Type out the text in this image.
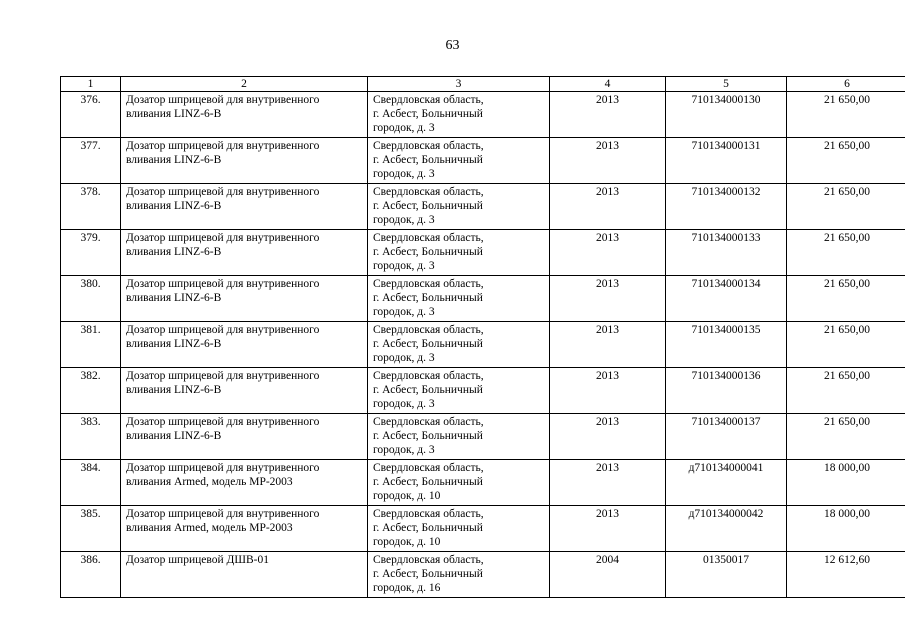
63
1	2	3	4	5	6
376.	Дозатор шприцевой для внутривенного
вливания LINZ-6-B	Свердловская область,
г. Асбест, Больничный
городок, д. 3	2013	710134000130	21 650,00
377.	Дозатор шприцевой для внутривенного
вливания LINZ-6-B	Свердловская область,
г. Асбест, Больничный
городок, д. 3	2013	710134000131	21 650,00
378.	Дозатор шприцевой для внутривенного
вливания LINZ-6-B	Свердловская область,
г. Асбест, Больничный
городок, д. 3	2013	710134000132	21 650,00
379.	Дозатор шприцевой для внутривенного
вливания LINZ-6-B	Свердловская область,
г. Асбест, Больничный
городок, д. 3	2013	710134000133	21 650,00
380.	Дозатор шприцевой для внутривенного
вливания LINZ-6-B	Свердловская область,
г. Асбест, Больничный
городок, д. 3	2013	710134000134	21 650,00
381.	Дозатор шприцевой для внутривенного
вливания LINZ-6-B	Свердловская область,
г. Асбест, Больничный
городок, д. 3	2013	710134000135	21 650,00
382.	Дозатор шприцевой для внутривенного
вливания LINZ-6-B	Свердловская область,
г. Асбест, Больничный
городок, д. 3	2013	710134000136	21 650,00
383.	Дозатор шприцевой для внутривенного
вливания LINZ-6-B	Свердловская область,
г. Асбест, Больничный
городок, д. 3	2013	710134000137	21 650,00
384.	Дозатор шприцевой для внутривенного
вливания Armed, модель MP-2003	Свердловская область,
г. Асбест, Больничный
городок, д. 10	2013	д710134000041	18 000,00
385.	Дозатор шприцевой для внутривенного
вливания Armed, модель MP-2003	Свердловская область,
г. Асбест, Больничный
городок, д. 10	2013	д710134000042	18 000,00
386.	Дозатор шприцевой ДШВ-01	Свердловская область,
г. Асбест, Больничный
городок, д. 16	2004	01350017	12 612,60
